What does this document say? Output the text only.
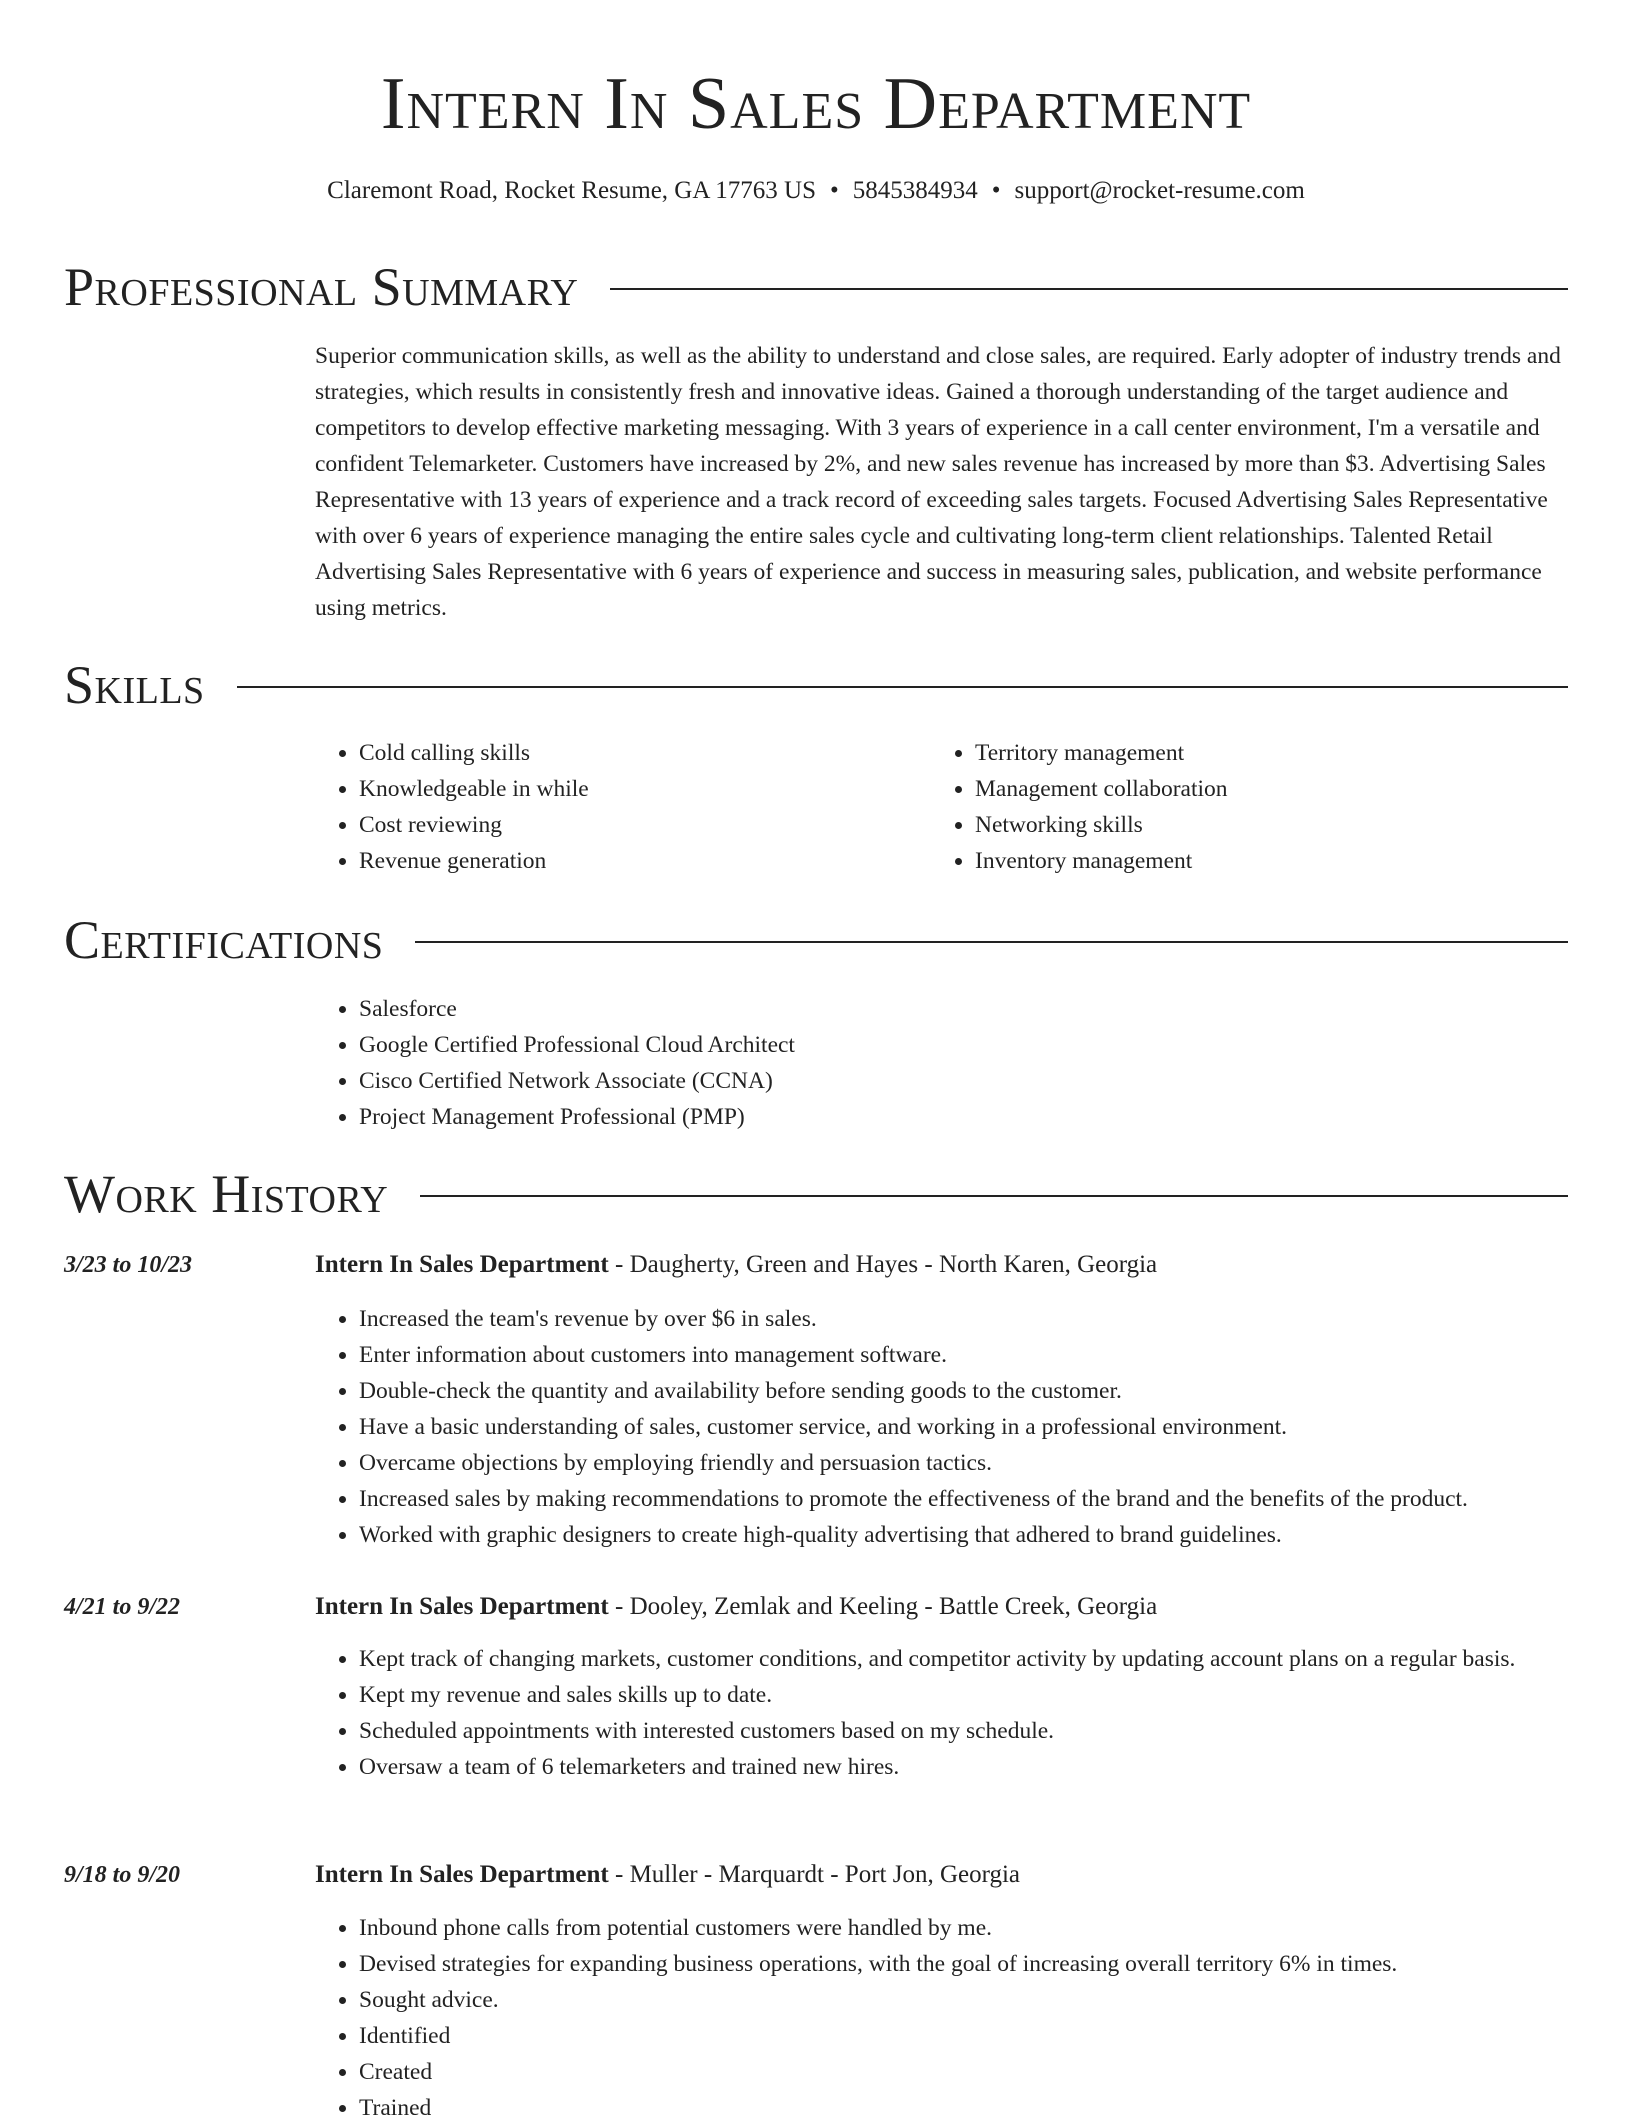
Intern In Sales Department
Claremont Road, Rocket Resume, GA 17763 US • 5845384934 • support@rocket-resume.com
Professional Summary

Superior communication skills, as well as the ability to understand and close sales, are required. Early adopter of industry trends and strategies, which results in consistently fresh and innovative ideas. Gained a thorough understanding of the target audience and competitors to develop effective marketing messaging. With 3 years of experience in a call center environment, I'm a versatile and confident Telemarketer. Customers have increased by 2%, and new sales revenue has increased by more than $3. Advertising Sales Representative with 13 years of experience and a track record of exceeding sales targets. Focused Advertising Sales Representative with over 6 years of experience managing the entire sales cycle and cultivating long-term client relationships. Talented Retail Advertising Sales Representative with 6 years of experience and success in measuring sales, publication, and website performance using metrics.

Skills
• Cold calling skills
• Knowledgeable in while
• Cost reviewing
• Revenue generation
• Territory management
• Management collaboration
• Networking skills
• Inventory management
Certifications
• Salesforce
• Google Certified Professional Cloud Architect
• Cisco Certified Network Associate (CCNA)
• Project Management Professional (PMP)
Work History
3/23 to 10/23	Intern In Sales Department - Daugherty, Green and Hayes - North Karen, Georgia
• Increased the team's revenue by over $6 in sales.
• Enter information about customers into management software.
• Double-check the quantity and availability before sending goods to the customer.
• Have a basic understanding of sales, customer service, and working in a professional environment.
• Overcame objections by employing friendly and persuasion tactics.
• Increased sales by making recommendations to promote the effectiveness of the brand and the benefits of the product.
• Worked with graphic designers to create high-quality advertising that adhered to brand guidelines.
4/21 to 9/22	Intern In Sales Department - Dooley, Zemlak and Keeling - Battle Creek, Georgia
• Kept track of changing markets, customer conditions, and competitor activity by updating account plans on a regular basis.
• Kept my revenue and sales skills up to date.
• Scheduled appointments with interested customers based on my schedule.
• Oversaw a team of 6 telemarketers and trained new hires.
9/18 to 9/20	Intern In Sales Department - Muller - Marquardt - Port Jon, Georgia
• Inbound phone calls from potential customers were handled by me.
• Devised strategies for expanding business operations, with the goal of increasing overall territory 6% in times.
• Sought advice.
• Identified
• Created
• Trained
